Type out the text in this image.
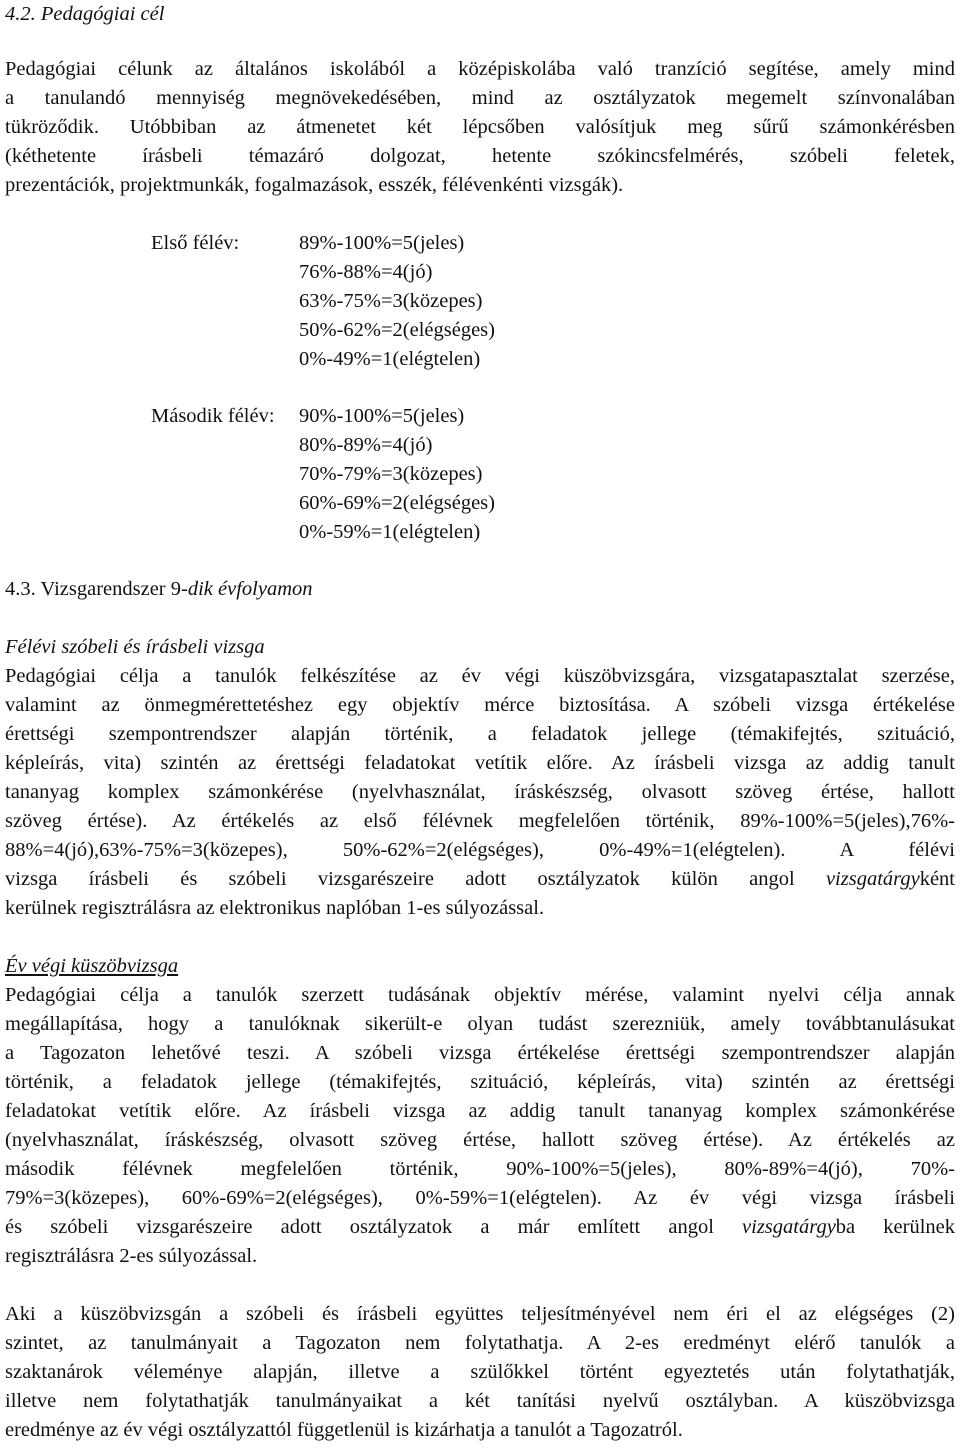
4.2. Pedagógiai cél
Pedagógiai célunk az általános iskolából a középiskolába való tranzíció segítése, amely mind
a tanulandó mennyiség megnövekedésében, mind az osztályzatok megemelt színvonalában
tükröződik. Utóbbiban az átmenetet két lépcsőben valósítjuk meg sűrű számonkérésben
(kéthetente írásbeli témazáró dolgozat, hetente szókincsfelmérés, szóbeli feletek,
prezentációk, projektmunkák, fogalmazások, esszék, félévenkénti vizsgák).
Első félév:	89%-100%=5(jeles)
76%-88%=4(jó)
63%-75%=3(közepes)
50%-62%=2(elégséges)
0%-49%=1(elégtelen)
Második félév: 90%-100%=5(jeles)
80%-89%=4(jó)
70%-79%=3(közepes)
60%-69%=2(elégséges)
0%-59%=1(elégtelen)
4.3. Vizsgarendszer 9-dik évfolyamon
Félévi szóbeli és írásbeli vizsga
Pedagógiai célja a tanulók felkészítése az év végi küszöbvizsgára, vizsgatapasztalat szerzése,
valamint az önmegmérettetéshez egy objektív mérce biztosítása. A szóbeli vizsga értékelése
érettségi szempontrendszer alapján történik, a feladatok jellege (témakifejtés, szituáció,
képleírás, vita) szintén az érettségi feladatokat vetítik előre. Az írásbeli vizsga az addig tanult
tananyag komplex számonkérése (nyelvhasználat, íráskészség, olvasott szöveg értése, hallott
szöveg értése). Az értékelés az első félévnek megfelelően történik, 89%-100%=5(jeles),76%-
88%=4(jó),63%-75%=3(közepes), 50%-62%=2(elégséges), 0%-49%=1(elégtelen). A félévi
vizsga írásbeli és szóbeli vizsgarészeire adott osztályzatok külön angol vizsgatárgyként
kerülnek regisztrálásra az elektronikus naplóban 1-es súlyozással.
Év végi küszöbvizsga
Pedagógiai célja a tanulók szerzett tudásának objektív mérése, valamint nyelvi célja annak
megállapítása, hogy a tanulóknak sikerült-e olyan tudást szerezniük, amely továbbtanulásukat
a Tagozaton lehetővé teszi. A szóbeli vizsga értékelése érettségi szempontrendszer alapján
történik, a feladatok jellege (témakifejtés, szituáció, képleírás, vita) szintén az érettségi
feladatokat vetítik előre. Az írásbeli vizsga az addig tanult tananyag komplex számonkérése
(nyelvhasználat, íráskészség, olvasott szöveg értése, hallott szöveg értése). Az értékelés az
második félévnek megfelelően történik, 90%-100%=5(jeles), 80%-89%=4(jó), 70%-
79%=3(közepes), 60%-69%=2(elégséges), 0%-59%=1(elégtelen). Az év végi vizsga írásbeli
és szóbeli vizsgarészeire adott osztályzatok a már említett angol vizsgatárgyba kerülnek
regisztrálásra 2-es súlyozással.
Aki a küszöbvizsgán a szóbeli és írásbeli együttes teljesítményével nem éri el az elégséges (2)
szintet, az tanulmányait a Tagozaton nem folytathatja. A 2-es eredményt elérő tanulók a
szaktanárok véleménye alapján, illetve a szülőkkel történt egyeztetés után folytathatják,
illetve nem folytathatják tanulmányaikat a két tanítási nyelvű osztályban. A küszöbvizsga
eredménye az év végi osztályzattól függetlenül is kizárhatja a tanulót a Tagozatról.
